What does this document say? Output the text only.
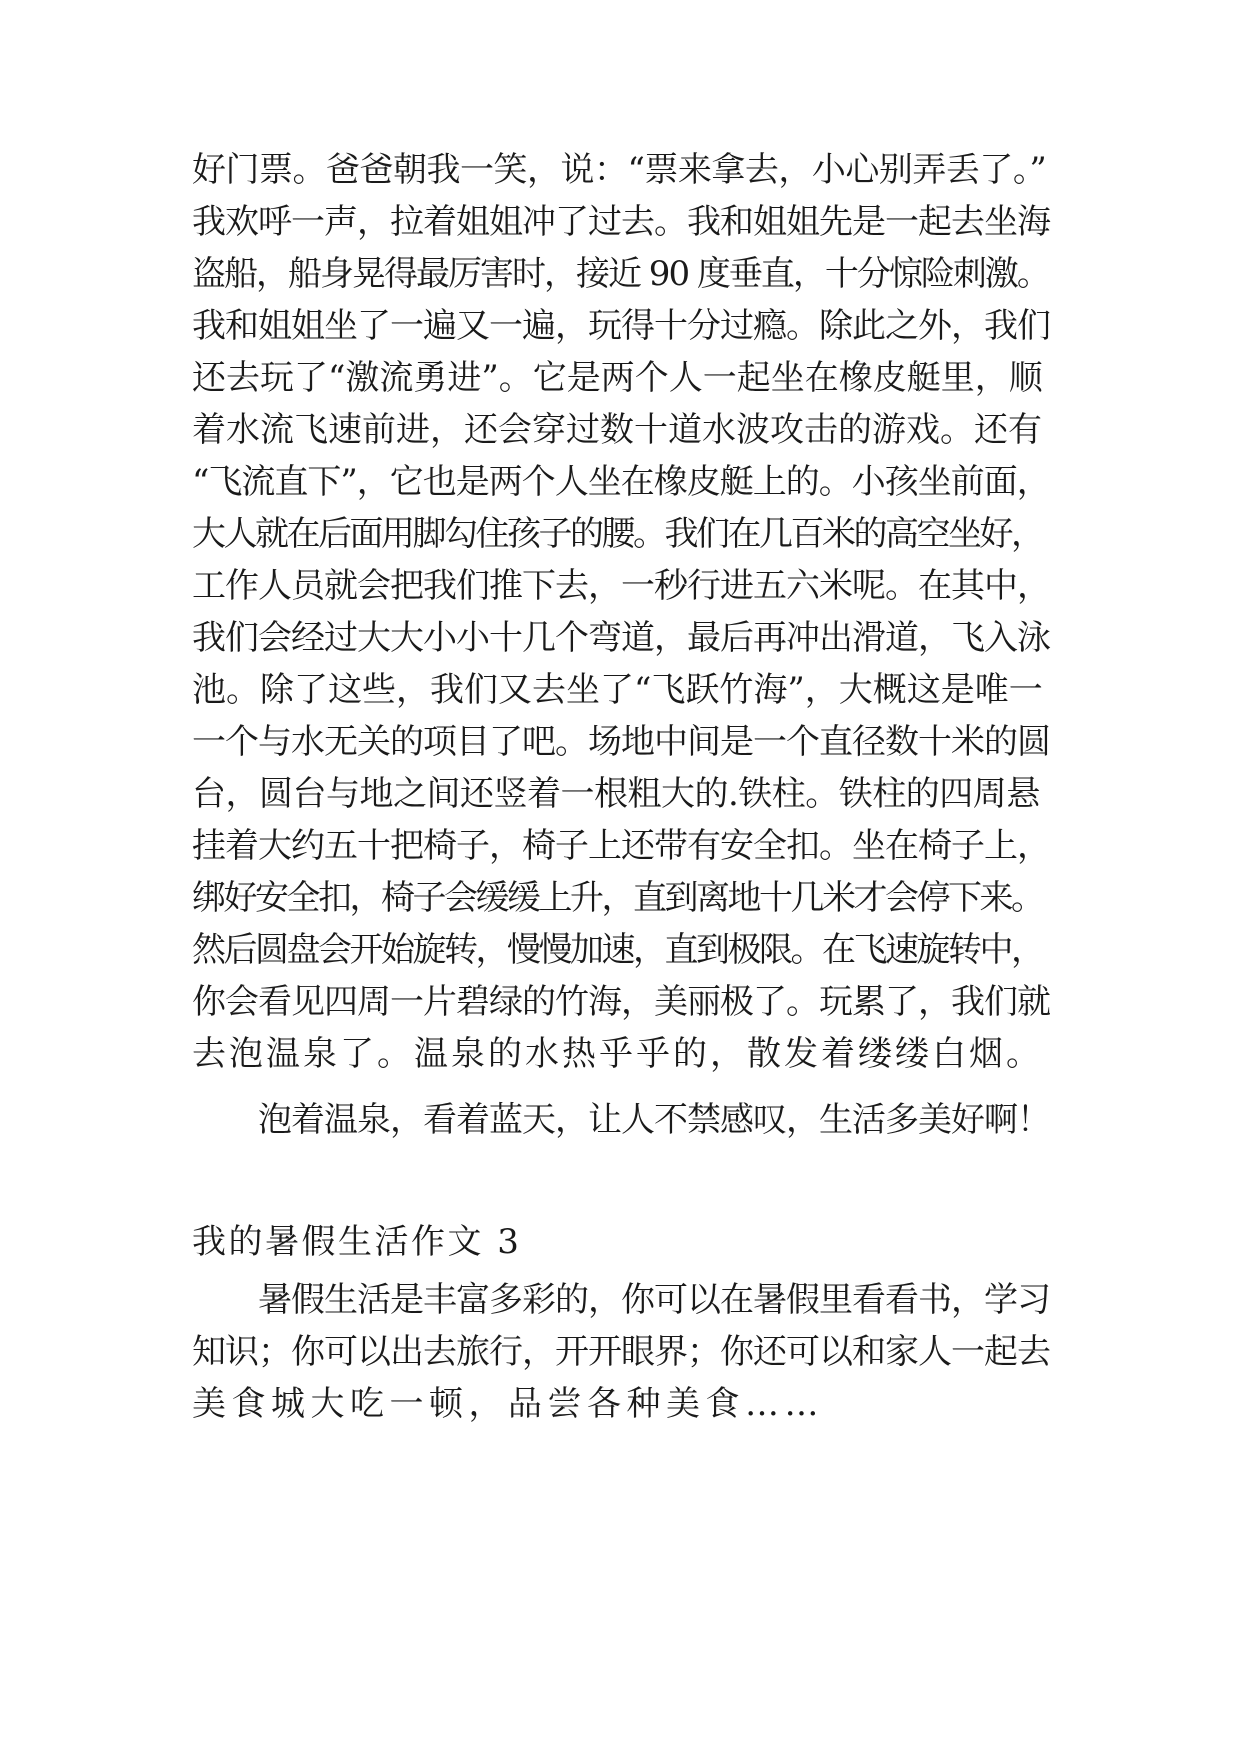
好门票。爸爸朝我一笑，说：“票来拿去，小心别弄丢了。”
我欢呼一声，拉着姐姐冲了过去。我和姐姐先是一起去坐海
盗船，船身晃得最厉害时，接近 90 度垂直，十分惊险刺激。
我和姐姐坐了一遍又一遍，玩得十分过瘾。除此之外，我们
还去玩了“激流勇进”。它是两个人一起坐在橡皮艇里，顺
着水流飞速前进，还会穿过数十道水波攻击的游戏。还有
“飞流直下”，它也是两个人坐在橡皮艇上的。小孩坐前面，
大人就在后面用脚勾住孩子的腰。我们在几百米的高空坐好，
工作人员就会把我们推下去，一秒行进五六米呢。在其中，
我们会经过大大小小十几个弯道，最后再冲出滑道，飞入泳
池。除了这些，我们又去坐了“飞跃竹海”，大概这是唯一
一个与水无关的项目了吧。场地中间是一个直径数十米的圆
台，圆台与地之间还竖着一根粗大的.铁柱。铁柱的四周悬
挂着大约五十把椅子，椅子上还带有安全扣。坐在椅子上，
绑好安全扣，椅子会缓缓上升，直到离地十几米才会停下来。
然后圆盘会开始旋转，慢慢加速，直到极限。在飞速旋转中，
你会看见四周一片碧绿的竹海，美丽极了。玩累了，我们就
去泡温泉了。温泉的水热乎乎的，散发着缕缕白烟。
泡着温泉，看着蓝天，让人不禁感叹，生活多美好啊！
我的暑假生活作文 3
暑假生活是丰富多彩的，你可以在暑假里看看书，学习
知识；你可以出去旅行，开开眼界；你还可以和家人一起去
美食城大吃一顿，品尝各种美食……
